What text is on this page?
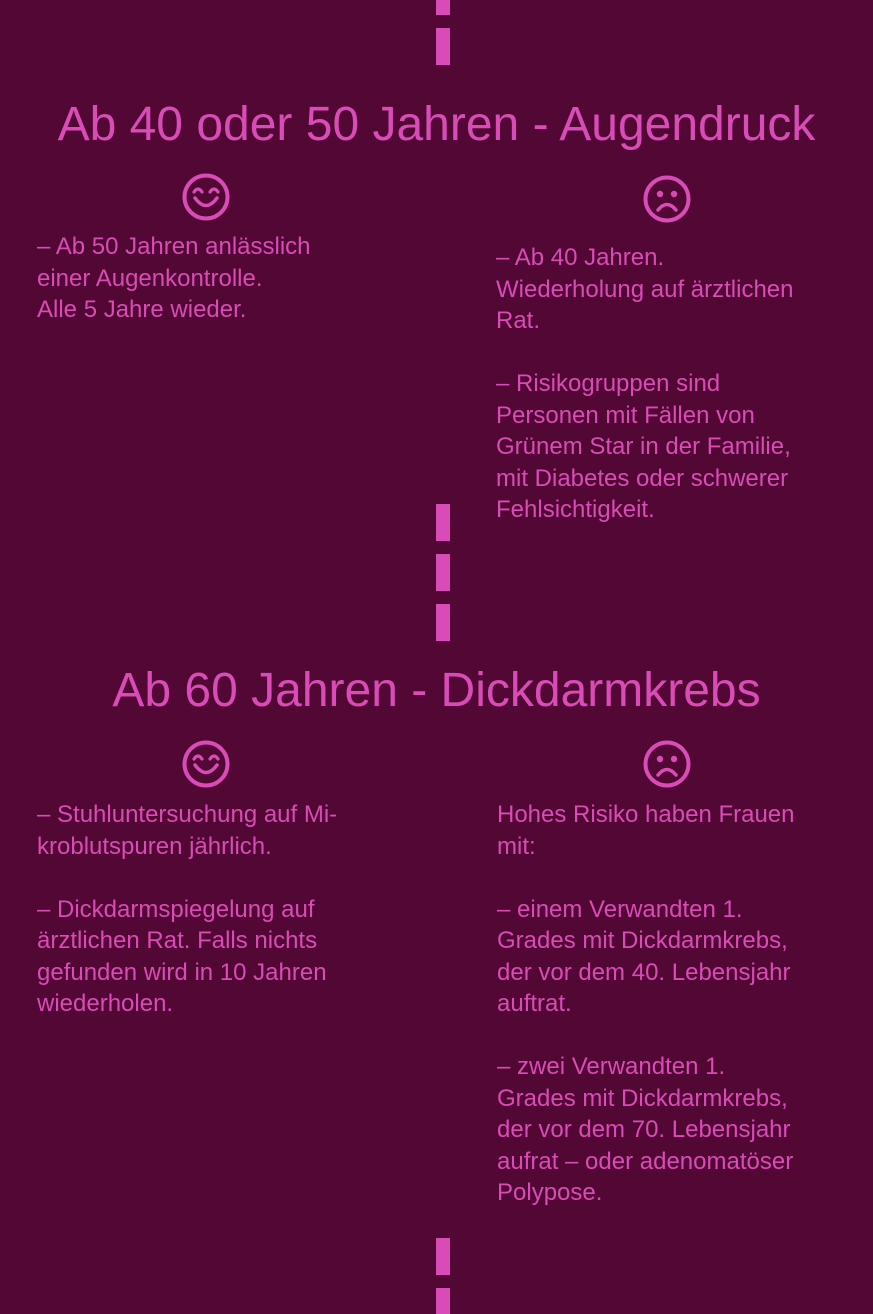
Ab 40 oder 50 Jahren - Augendruck

– Ab 50 Jahren anlässlich
einer Augenkontrolle.
Alle 5 Jahre wieder.

– Ab 40 Jahren.
Wiederholung auf ärztlichen
Rat.

– Risikogruppen sind
Personen mit Fällen von
Grünem Star in der Familie,
mit Diabetes oder schwerer
Fehlsichtigkeit.

Ab 60 Jahren - Dickdarmkrebs

– Stuhluntersuchung auf Mi-
kroblutspuren jährlich.

– Dickdarmspiegelung auf
ärztlichen Rat. Falls nichts
gefunden wird in 10 Jahren
wiederholen.

Hohes Risiko haben Frauen
mit:

– einem Verwandten 1.
Grades mit Dickdarmkrebs,
der vor dem 40. Lebensjahr
auftrat.

– zwei Verwandten 1.
Grades mit Dickdarmkrebs,
der vor dem 70. Lebensjahr
aufrat – oder adenomatöser
Polypose.
